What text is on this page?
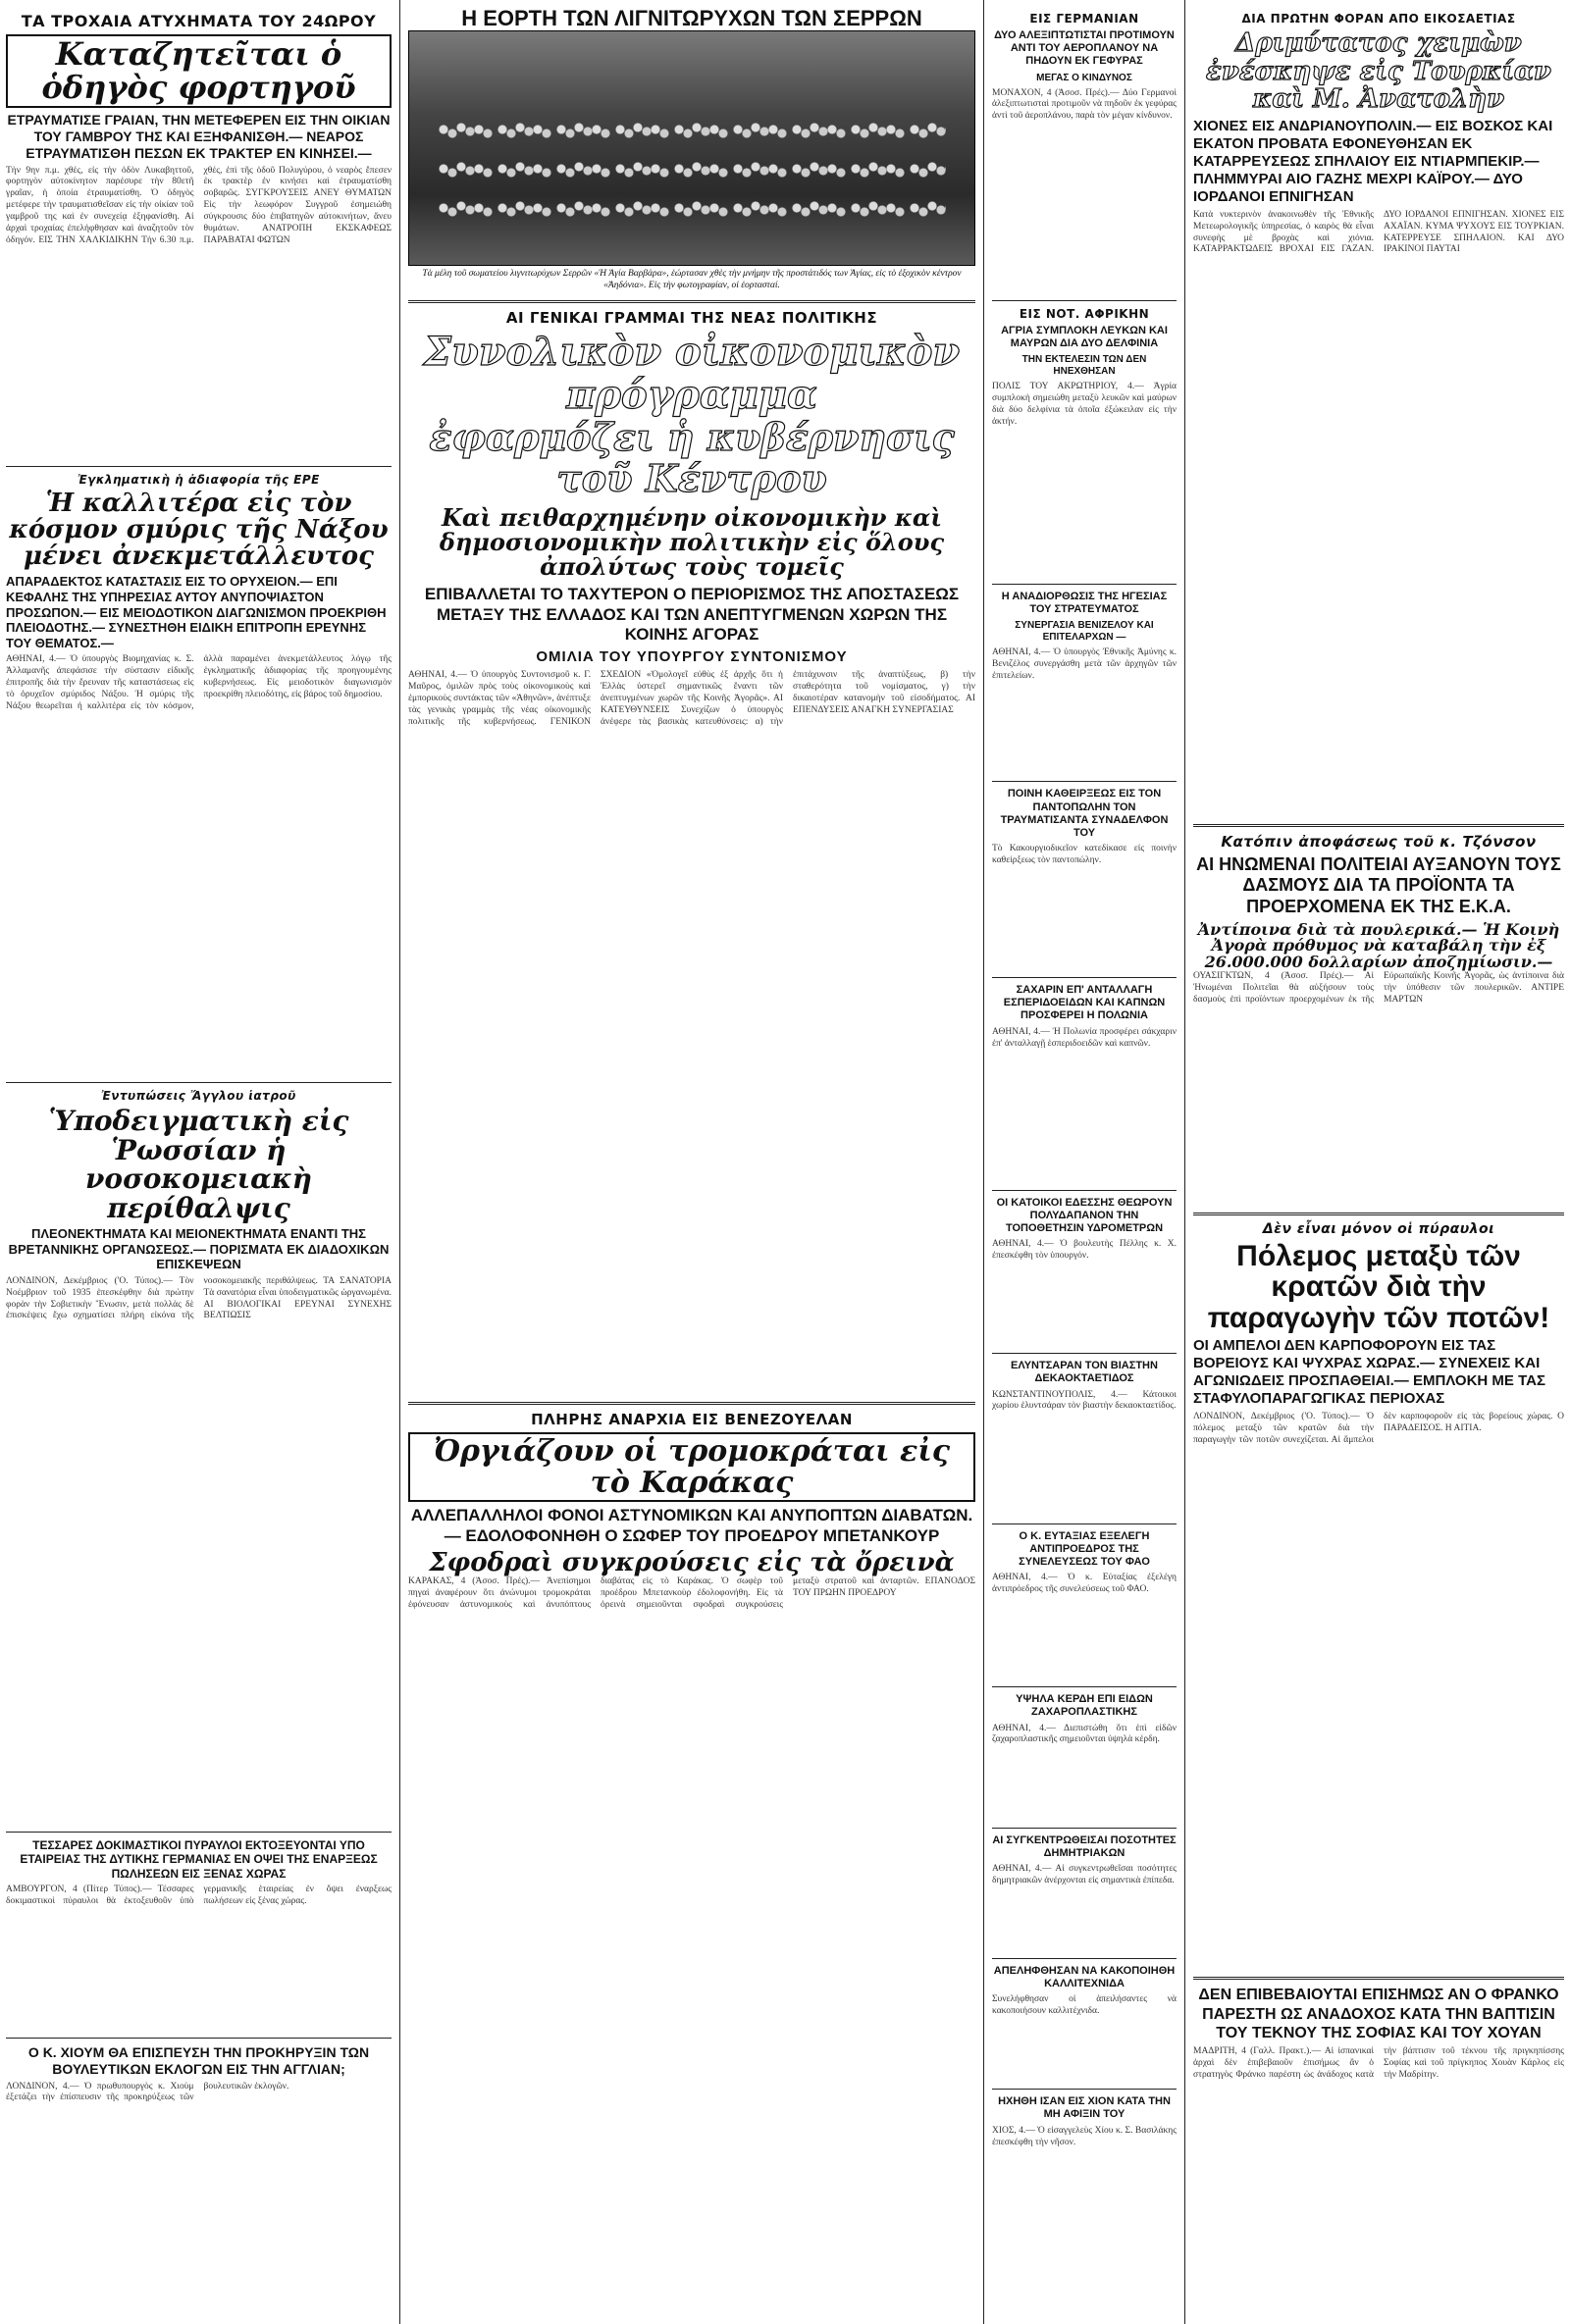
ΤΑ ΤΡΟΧΑΙΑ ΑΤΥΧΗΜΑΤΑ ΤΟΥ 24ΩΡΟΥ
Καταζητεῖται ὁ ὁδηγὸς φορτηγοῦ
ΕΤΡΑΥΜΑΤΙΣΕ ΓΡΑΙΑΝ, ΤΗΝ ΜΕΤΕΦΕΡΕΝ ΕΙΣ ΤΗΝ ΟΙΚΙΑΝ ΤΟΥ ΓΑΜΒΡΟΥ ΤΗΣ ΚΑΙ ΕΞΗΦΑΝΙΣΘΗ.— ΝΕΑΡΟΣ ΕΤΡΑΥΜΑΤΙΣΘΗ ΠΕΣΩΝ ΕΚ ΤΡΑΚΤΕΡ ΕΝ ΚΙΝΗΣΕΙ.—
Τὴν 9ην π.μ. χθές, εἰς τὴν ὁδὸν Λυκαβηττοῦ, φορτηγὸν αὐτοκίνητον παρέσυρε τὴν 80ετῆ γραῖαν, ἡ ὁποία ἐτραυματίσθη. Ὁ ὁδηγὸς μετέφερε τὴν τραυματισθεῖσαν εἰς τὴν οἰκίαν τοῦ γαμβροῦ της καὶ ἐν συνεχείᾳ ἐξηφανίσθη. Αἱ ἀρχαὶ τροχαίας ἐπελήφθησαν καὶ ἀναζητοῦν τὸν ὁδηγόν. ΕΙΣ ΤΗΝ ΧΑΛΚΙΔΙΚΗΝ Τὴν 6.30 π.μ. χθές, ἐπὶ τῆς ὁδοῦ Πολυγύρου, ὁ νεαρὸς ἔπεσεν ἐκ τρακτὲρ ἐν κινήσει καὶ ἐτραυματίσθη σοβαρῶς. ΣΥΓΚΡΟΥΣΕΙΣ ΑΝΕΥ ΘΥΜΑΤΩΝ Εἰς τὴν λεωφόρον Συγγροῦ ἐσημειώθη σύγκρουσις δύο ἐπιβατηγῶν αὐτοκινήτων, ἄνευ θυμάτων. ΑΝΑΤΡΟΠΗ ΕΚΣΚΑΦΕΩΣ ΠΑΡΑΒΑΤΑΙ ΦΩΤΩΝ
Ἐγκληματικὴ ἡ ἀδιαφορία τῆς ΕΡΕ
Ἡ καλλιτέρα εἰς τὸν κόσμον σμύρις τῆς Νάξου μένει ἀνεκμετάλλευτος
ΑΠΑΡΑΔΕΚΤΟΣ ΚΑΤΑΣΤΑΣΙΣ ΕΙΣ ΤΟ ΟΡΥΧΕΙΟΝ.— ΕΠΙ ΚΕΦΑΛΗΣ ΤΗΣ ΥΠΗΡΕΣΙΑΣ ΑΥΤΟΥ ΑΝΥΠΟΨΙΑΣΤΟΝ ΠΡΟΣΩΠΟΝ.— ΕΙΣ ΜΕΙΟΔΟΤΙΚΟΝ ΔΙΑΓΩΝΙΣΜΟΝ ΠΡΟΕΚΡΙΘΗ ΠΛΕΙΟΔΟΤΗΣ.— ΣΥΝΕΣΤΗΘΗ ΕΙΔΙΚΗ ΕΠΙΤΡΟΠΗ ΕΡΕΥΝΗΣ ΤΟΥ ΘΕΜΑΤΟΣ.—
ΑΘΗΝΑΙ, 4.— Ὁ ὑπουργὸς Βιομηχανίας κ. Σ. Ἀλλαμανῆς ἀπεφάσισε τὴν σύστασιν εἰδικῆς ἐπιτροπῆς διὰ τὴν ἔρευναν τῆς καταστάσεως εἰς τὸ ὀρυχεῖον σμύριδος Νάξου. Ἡ σμύρις τῆς Νάξου θεωρεῖται ἡ καλλιτέρα εἰς τὸν κόσμον, ἀλλὰ παραμένει ἀνεκμετάλλευτος λόγῳ τῆς ἐγκληματικῆς ἀδιαφορίας τῆς προηγουμένης κυβερνήσεως. Εἰς μειοδοτικὸν διαγωνισμὸν προεκρίθη πλειοδότης, εἰς βάρος τοῦ δημοσίου.
Ἐντυπώσεις Ἄγγλου ἰατροῦ
Ὑποδειγματικὴ εἰς Ῥωσσίαν ἡ νοσοκομειακὴ περίθαλψις
ΠΛΕΟΝΕΚΤΗΜΑΤΑ ΚΑΙ ΜΕΙΟΝΕΚΤΗΜΑΤΑ ΕΝΑΝΤΙ ΤΗΣ ΒΡΕΤΑΝΝΙΚΗΣ ΟΡΓΑΝΩΣΕΩΣ.— ΠΟΡΙΣΜΑΤΑ ΕΚ ΔΙΑΔΟΧΙΚΩΝ ΕΠΙΣΚΕΨΕΩΝ
ΛΟΝΔΙΝΟΝ, Δεκέμβριος ('Ο. Τύπος).— Τὸν Νοέμβριον τοῦ 1935 ἐπεσκέφθην διὰ πρώτην φορὰν τὴν Σοβιετικὴν Ἕνωσιν, μετὰ πολλὰς δὲ ἐπισκέψεις ἔχω σχηματίσει πλήρη εἰκόνα τῆς νοσοκομειακῆς περιθάλψεως. ΤΑ ΣΑΝΑΤΟΡΙΑ Τὰ σανατόρια εἶναι ὑποδειγματικῶς ὠργανωμένα. ΑΙ ΒΙΟΛΟΓΙΚΑΙ ΕΡΕΥΝΑΙ ΣΥΝΕΧΗΣ ΒΕΛΤΙΩΣΙΣ
ΤΕΣΣΑΡΕΣ ΔΟΚΙΜΑΣΤΙΚΟΙ ΠΥΡΑΥΛΟΙ ΕΚΤΟΞΕΥΟΝΤΑΙ ΥΠΟ ΕΤΑΙΡΕΙΑΣ ΤΗΣ ΔΥΤΙΚΗΣ ΓΕΡΜΑΝΙΑΣ ΕΝ ΟΨΕΙ ΤΗΣ ΕΝΑΡΞΕΩΣ ΠΩΛΗΣΕΩΝ ΕΙΣ ΞΕΝΑΣ ΧΩΡΑΣ
ΑΜΒΟΥΡΓΟΝ, 4 (Πίτερ Τύπος).— Τέσσαρες δοκιμαστικοὶ πύραυλοι θὰ ἐκτοξευθοῦν ὑπὸ γερμανικῆς ἑταιρείας ἐν ὄψει ἐναρξεως πωλήσεων εἰς ξένας χώρας.
Ο Κ. ΧΙΟΥΜ ΘΑ ΕΠΙΣΠΕΥΣΗ ΤΗΝ ΠΡΟΚΗΡΥΞΙΝ ΤΩΝ ΒΟΥΛΕΥΤΙΚΩΝ ΕΚΛΟΓΩΝ ΕΙΣ ΤΗΝ ΑΓΓΛΙΑΝ;
ΛΟΝΔΙΝΟΝ, 4.— Ὁ πρωθυπουργὸς κ. Χιοὺμ ἐξετάζει τὴν ἐπίσπευσιν τῆς προκηρύξεως τῶν βουλευτικῶν ἐκλογῶν.
Η ΕΟΡΤΗ ΤΩΝ ΛΙΓΝΙΤΩΡΥΧΩΝ ΤΩΝ ΣΕΡΡΩΝ
Τὰ μέλη τοῦ σωματείου λιγνιτωρύχων Σερρῶν «Ἡ Ἁγία Βαρβάρα», ἑώρτασαν χθὲς τὴν μνήμην τῆς προστάτιδός των Ἁγίας, εἰς τὸ ἐξοχικὸν κέντρον «Ἀηδόνια». Εἰς τὴν φωτογραφίαν, οἱ ἑορτασταί.
ΑΙ ΓΕΝΙΚΑΙ ΓΡΑΜΜΑΙ ΤΗΣ ΝΕΑΣ ΠΟΛΙΤΙΚΗΣ
Συνολικὸν οἰκονομικὸν πρόγραμμα
ἐφαρμόζει ἡ κυβέρνησις τοῦ Κέντρου
Καὶ πειθαρχημένην οἰκονομικὴν καὶ δημοσιονομικὴν πολιτικὴν εἰς ὅλους ἀπολύτως τοὺς τομεῖς
ΕΠΙΒΑΛΛΕΤΑΙ ΤΟ ΤΑΧΥΤΕΡΟΝ Ο ΠΕΡΙΟΡΙΣΜΟΣ ΤΗΣ ΑΠΟΣΤΑΣΕΩΣ ΜΕΤΑΞΥ ΤΗΣ ΕΛΛΑΔΟΣ ΚΑΙ ΤΩΝ ΑΝΕΠΤΥΓΜΕΝΩΝ ΧΩΡΩΝ ΤΗΣ ΚΟΙΝΗΣ ΑΓΟΡΑΣ
ΟΜΙΛΙΑ ΤΟΥ ΥΠΟΥΡΓΟΥ ΣΥΝΤΟΝΙΣΜΟΥ
ΑΘΗΝΑΙ, 4.— Ὁ ὑπουργὸς Συντονισμοῦ κ. Γ. Μαῦρος, ὁμιλῶν πρὸς τοὺς οἰκονομικοὺς καὶ ἐμπορικοὺς συντάκτας τῶν «Ἀθηνῶν», ἀνέπτυξε τὰς γενικὰς γραμμὰς τῆς νέας οἰκονομικῆς πολιτικῆς τῆς κυβερνήσεως. ΓΕΝΙΚΟΝ ΣΧΕΔΙΟΝ «Ὁμολογεῖ εὐθὺς ἐξ ἀρχῆς ὅτι ἡ Ἑλλὰς ὑστερεῖ σημαντικῶς ἔναντι τῶν ἀνεπτυγμένων χωρῶν τῆς Κοινῆς Ἀγορᾶς». ΑΙ ΚΑΤΕΥΘΥΝΣΕΙΣ Συνεχίζων ὁ ὑπουργὸς ἀνέφερε τὰς βασικὰς κατευθύνσεις: α) τὴν ἐπιτάχυνσιν τῆς ἀναπτύξεως, β) τὴν σταθερότητα τοῦ νομίσματος, γ) τὴν δικαιοτέραν κατανομὴν τοῦ εἰσοδήματος. ΑΙ ΕΠΕΝΔΥΣΕΙΣ ΑΝΑΓΚΗ ΣΥΝΕΡΓΑΣΙΑΣ
ΠΛΗΡΗΣ ΑΝΑΡΧΙΑ ΕΙΣ ΒΕΝΕΖΟΥΕΛΑΝ
Ὀργιάζουν οἱ τρομοκράται εἰς τὸ Καράκας
ΑΛΛΕΠΑΛΛΗΛΟΙ ΦΟΝΟΙ ΑΣΤΥΝΟΜΙΚΩΝ ΚΑΙ ΑΝΥΠΟΠΤΩΝ ΔΙΑΒΑΤΩΝ.— ΕΔΟΛΟΦΟΝΗΘΗ Ο ΣΩΦΕΡ ΤΟΥ ΠΡΟΕΔΡΟΥ ΜΠΕΤΑΝΚΟΥΡ
Σφοδραὶ συγκρούσεις εἰς τὰ ὄρεινὰ
ΚΑΡΑΚΑΣ, 4 (Ἀσοσ. Πρές).— Ἀνεπίσημοι πηγαὶ ἀναφέρουν ὅτι ἀνώνυμοι τρομοκράται ἐφόνευσαν ἀστυνομικοὺς καὶ ἀνυπόπτους διαβάτας εἰς τὸ Καράκας. Ὁ σωφὲρ τοῦ προέδρου Μπετανκοὺρ ἐδολοφονήθη. Εἰς τὰ ὀρεινὰ σημειοῦνται σφοδραὶ συγκρούσεις μεταξὺ στρατοῦ καὶ ἀνταρτῶν. ΕΠΑΝΟΔΟΣ ΤΟΥ ΠΡΩΗΝ ΠΡΟΕΔΡΟΥ
ΕΙΣ ΓΕΡΜΑΝΙΑΝ
ΔΥΟ ΑΛΕΞΙΠΤΩΤΙΣΤΑΙ ΠΡΟΤΙΜΟΥΝ ΑΝΤΙ ΤΟΥ ΑΕΡΟΠΛΑΝΟΥ ΝΑ ΠΗΔΟΥΝ ΕΚ ΓΕΦΥΡΑΣ
ΜΕΓΑΣ Ο ΚΙΝΔΥΝΟΣ
ΜΟΝΑΧΟΝ, 4 (Ἀσοσ. Πρές).— Δύο Γερμανοὶ ἀλεξιπτωτισταὶ προτιμοῦν νὰ πηδοῦν ἐκ γεφύρας ἀντὶ τοῦ ἀεροπλάνου, παρὰ τὸν μέγαν κίνδυνον.
ΕΙΣ ΝΟΤ. ΑΦΡΙΚΗΝ
ΑΓΡΙΑ ΣΥΜΠΛΟΚΗ ΛΕΥΚΩΝ ΚΑΙ ΜΑΥΡΩΝ ΔΙΑ ΔΥΟ ΔΕΛΦΙΝΙΑ
ΤΗΝ ΕΚΤΕΛΕΣΙΝ ΤΩΝ ΔΕΝ ΗΝΕΧΘΗΣΑΝ
ΠΟΛΙΣ ΤΟΥ ΑΚΡΩΤΗΡΙΟΥ, 4.— Ἀγρία συμπλοκὴ σημειώθη μεταξὺ λευκῶν καὶ μαύρων διὰ δύο δελφίνια τὰ ὁποῖα ἐξώκειλαν εἰς τὴν ἀκτήν.
Η ΑΝΑΔΙΟΡΘΩΣΙΣ ΤΗΣ ΗΓΕΣΙΑΣ ΤΟΥ ΣΤΡΑΤΕΥΜΑΤΟΣ
ΣΥΝΕΡΓΑΣΙΑ ΒΕΝΙΖΕΛΟΥ ΚΑΙ ΕΠΙΤΕΛΑΡΧΩΝ —
ΑΘΗΝΑΙ, 4.— Ὁ ὑπουργὸς Ἐθνικῆς Ἀμύνης κ. Βενιζέλος συνεργάσθη μετὰ τῶν ἀρχηγῶν τῶν ἐπιτελείων.
ΠΟΙΝΗ ΚΑΘΕΙΡΞΕΩΣ ΕΙΣ ΤΟΝ ΠΑΝΤΟΠΩΛΗΝ ΤΟΝ ΤΡΑΥΜΑΤΙΣΑΝΤΑ ΣΥΝΑΔΕΛΦΟΝ ΤΟΥ
Τὸ Κακουργιοδικεῖον κατεδίκασε εἰς ποινὴν καθείρξεως τὸν παντοπώλην.
ΣΑΧΑΡΙΝ ΕΠ' ΑΝΤΑΛΛΑΓΗ ΕΣΠΕΡΙΔΟΕΙΔΩΝ ΚΑΙ ΚΑΠΝΩΝ ΠΡΟΣΦΕΡΕΙ Η ΠΟΛΩΝΙΑ
ΑΘΗΝΑΙ, 4.— Ἡ Πολωνία προσφέρει σάκχαριν ἐπ' ἀνταλλαγῇ ἑσπεριδοειδῶν καὶ καπνῶν.
ΟΙ ΚΑΤΟΙΚΟΙ ΕΔΕΣΣΗΣ ΘΕΩΡΟΥΝ ΠΟΛΥΔΑΠΑΝΟΝ ΤΗΝ ΤΟΠΟΘΕΤΗΣΙΝ ΥΔΡΟΜΕΤΡΩΝ
ΑΘΗΝΑΙ, 4.— Ὁ βουλευτὴς Πέλλης κ. Χ. ἐπεσκέφθη τὸν ὑπουργόν.
ΕΛΥΝΤΣΑΡΑΝ ΤΟΝ ΒΙΑΣΤΗΝ ΔΕΚΑΟΚΤΑΕΤΙΔΟΣ
ΚΩΝΣΤΑΝΤΙΝΟΥΠΟΛΙΣ, 4.— Κάτοικοι χωρίου ἐλυντσάραν τὸν βιαστὴν δεκαοκταετίδος.
Ο Κ. ΕΥΤΑΞΙΑΣ ΕΞΕΛΕΓΗ ΑΝΤΙΠΡΟΕΔΡΟΣ ΤΗΣ ΣΥΝΕΛΕΥΣΕΩΣ ΤΟΥ ΦΑΟ
ΑΘΗΝΑΙ, 4.— Ὁ κ. Εὐταξίας ἐξελέγη ἀντιπρόεδρος τῆς συνελεύσεως τοῦ ΦΑΟ.
ΥΨΗΛΑ ΚΕΡΔΗ ΕΠΙ ΕΙΔΩΝ ΖΑΧΑΡΟΠΛΑΣΤΙΚΗΣ
ΑΘΗΝΑΙ, 4.— Διεπιστώθη ὅτι ἐπὶ εἰδῶν ζαχαροπλαστικῆς σημειοῦνται ὑψηλὰ κέρδη.
ΑΙ ΣΥΓΚΕΝΤΡΩΘΕΙΣΑΙ ΠΟΣΟΤΗΤΕΣ ΔΗΜΗΤΡΙΑΚΩΝ
ΑΘΗΝΑΙ, 4.— Αἱ συγκεντρωθεῖσαι ποσότητες δημητριακῶν ἀνέρχονται εἰς σημαντικὰ ἐπίπεδα.
ΑΠΕΛΗΦΘΗΣΑΝ ΝΑ ΚΑΚΟΠΟΙΗΘΗ ΚΑΛΛΙΤΕΧΝΙΔΑ
Συνελήφθησαν οἱ ἀπειλήσαντες νὰ κακοποιήσουν καλλιτέχνιδα.
ΗΧΗΘΗ ΙΣΑΝ ΕΙΣ ΧΙΟΝ ΚΑΤΑ ΤΗΝ ΜΗ ΑΦΙΞΙΝ ΤΟΥ
ΧΙΟΣ, 4.— Ὁ εἰσαγγελεὺς Χίου κ. Σ. Βασιλάκης ἐπεσκέφθη τὴν νῆσον.
ΔΙΑ ΠΡΩΤΗΝ ΦΟΡΑΝ ΑΠΟ ΕΙΚΟΣΑΕΤΙΑΣ
Δριμύτατος χειμὼν ἐνέσκηψε εἰς Τουρκίαν καὶ Μ. Ἀνατολὴν
ΧΙΟΝΕΣ ΕΙΣ ΑΝΔΡΙΑΝΟΥΠΟΛΙΝ.— ΕΙΣ ΒΟΣΚΟΣ ΚΑΙ ΕΚΑΤΟΝ ΠΡΟΒΑΤΑ ΕΦΟΝΕΥΘΗΣΑΝ ΕΚ ΚΑΤΑΡΡΕΥΣΕΩΣ ΣΠΗΛΑΙΟΥ ΕΙΣ ΝΤΙΑΡΜΠΕΚΙΡ.— ΠΛΗΜΜΥΡΑΙ ΑΙΟ ΓΑΖΗΣ ΜΕΧΡΙ ΚΑΪΡΟΥ.— ΔΥΟ ΙΟΡΔΑΝΟΙ ΕΠΝΙΓΗΣΑΝ
Κατὰ νυκτερινὸν ἀνακοινωθὲν τῆς Ἐθνικῆς Μετεωρολογικῆς ὑπηρεσίας, ὁ καιρὸς θὰ εἶναι συνεφὴς μὲ βροχὰς καὶ χιόνια. ΚΑΤΑΡΡΑΚΤΩΔΕΙΣ ΒΡΟΧΑΙ ΕΙΣ ΓΑΖΑΝ. ΔΥΟ ΙΟΡΔΑΝΟΙ ΕΠΝΙΓΗΣΑΝ. ΧΙΟΝΕΣ ΕΙΣ ΑΧΑΪΑΝ. ΚΥΜΑ ΨΥΧΟΥΣ ΕΙΣ ΤΟΥΡΚΙΑΝ. ΚΑΤΕΡΡΕΥΣΕ ΣΠΗΛΑΙΟΝ. ΚΑΙ ΔΥΟ ΙΡΑΚΙΝΟΙ ΠΑΥΤΑΙ
Κατόπιν ἀποφάσεως τοῦ κ. Τζόνσον
ΑΙ ΗΝΩΜΕΝΑΙ ΠΟΛΙΤΕΙΑΙ ΑΥΞΑΝΟΥΝ ΤΟΥΣ ΔΑΣΜΟΥΣ ΔΙΑ ΤΑ ΠΡΟΪΟΝΤΑ ΤΑ ΠΡΟΕΡΧΟΜΕΝΑ ΕΚ ΤΗΣ Ε.Κ.Α.
Ἀντίποινα διὰ τὰ πουλερικά.— Ἡ Κοινὴ Ἀγορὰ πρόθυμος νὰ καταβάλη τὴν ἐξ 26.000.000 δολλαρίων ἀποζημίωσιν.—
ΟΥΑΣΙΓΚΤΩΝ, 4 (Ἀσοσ. Πρές).— Αἱ Ἡνωμέναι Πολιτεῖαι θὰ αὐξήσουν τοὺς δασμοὺς ἐπὶ προϊόντων προερχομένων ἐκ τῆς Εὐρωπαϊκῆς Κοινῆς Ἀγορᾶς, ὡς ἀντίποινα διὰ τὴν ὑπόθεσιν τῶν πουλερικῶν. ΑΝΤΙΡΕ ΜΑΡΤΩΝ
Δὲν εἶναι μόνον οἱ πύραυλοι
Πόλεμος μεταξὺ τῶν κρατῶν διὰ τὴν παραγωγὴν τῶν ποτῶν!
ΟΙ ΑΜΠΕΛΟΙ ΔΕΝ ΚΑΡΠΟΦΟΡΟΥΝ ΕΙΣ ΤΑΣ ΒΟΡΕΙΟΥΣ ΚΑΙ ΨΥΧΡΑΣ ΧΩΡΑΣ.— ΣΥΝΕΧΕΙΣ ΚΑΙ ΑΓΩΝΙΩΔΕΙΣ ΠΡΟΣΠΑΘΕΙΑΙ.— ΕΜΠΛΟΚΗ ΜΕ ΤΑΣ ΣΤΑΦΥΛΟΠΑΡΑΓΩΓΙΚΑΣ ΠΕΡΙΟΧΑΣ
ΛΟΝΔΙΝΟΝ, Δεκέμβριος ('Ο. Τύπος).— Ὁ πόλεμος μεταξὺ τῶν κρατῶν διὰ τὴν παραγωγὴν τῶν ποτῶν συνεχίζεται. Αἱ ἄμπελοι δὲν καρποφοροῦν εἰς τὰς βορείους χώρας. Ο ΠΑΡΑΔΕΙΣΟΣ. Η ΑΙΤΙΑ.
ΔΕΝ ΕΠΙΒΕΒΑΙΟΥΤΑΙ ΕΠΙΣΗΜΩΣ ΑΝ Ο ΦΡΑΝΚΟ ΠΑΡΕΣΤΗ ΩΣ ΑΝΑΔΟΧΟΣ ΚΑΤΑ ΤΗΝ ΒΑΠΤΙΣΙΝ ΤΟΥ ΤΕΚΝΟΥ ΤΗΣ ΣΟΦΙΑΣ ΚΑΙ ΤΟΥ ΧΟΥΑΝ
ΜΑΔΡΙΤΗ, 4 (Γαλλ. Πρακτ.).— Αἱ ἰσπανικαὶ ἀρχαὶ δὲν ἐπιβεβαιοῦν ἐπισήμως ἂν ὁ στρατηγὸς Φράνκο παρέστη ὡς ἀνάδοχος κατὰ τὴν βάπτισιν τοῦ τέκνου τῆς πριγκηπίσσης Σοφίας καὶ τοῦ πρίγκηπος Χουὰν Κάρλος εἰς τὴν Μαδρίτην.
